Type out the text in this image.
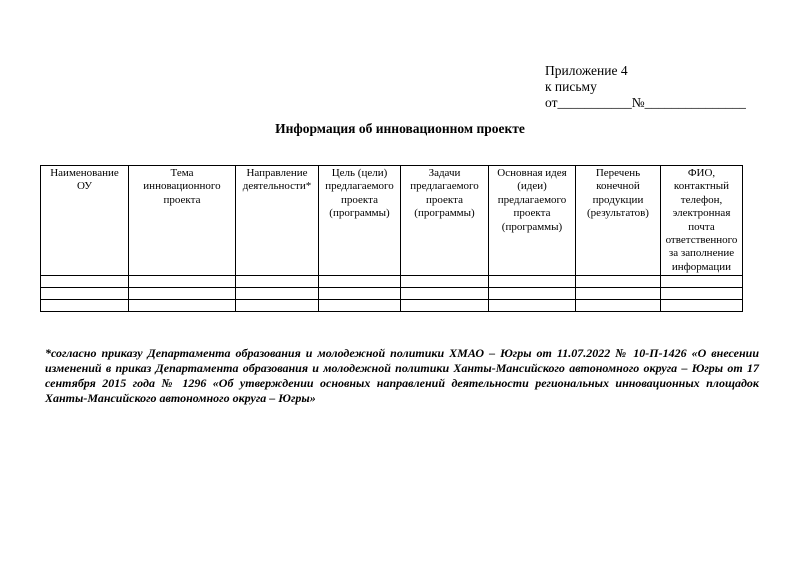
Приложение 4
к письму
от___________№_______________
Информация об инновационном проекте
Наименование ОУ	Тема инновационного проекта	Направление деятельности*	Цель (цели) предлагаемого проекта (программы)	Задачи предлагаемого проекта (программы)	Основная идея (идеи) предлагаемого проекта (программы)	Перечень конечной продукции (результатов)	ФИО, контактный телефон, электронная почта ответственного за заполнение информации

*согласно приказу Департамента образования и молодежной политики ХМАО – Югры от 11.07.2022 № 10-П-1426 «О внесении изменений в приказ Департамента образования и молодежной политики Ханты-Мансийского автономного округа – Югры от 17 сентября 2015 года № 1296 «Об утверждении основных направлений деятельности региональных инновационных площадок Ханты-Мансийского автономного округа – Югры»
